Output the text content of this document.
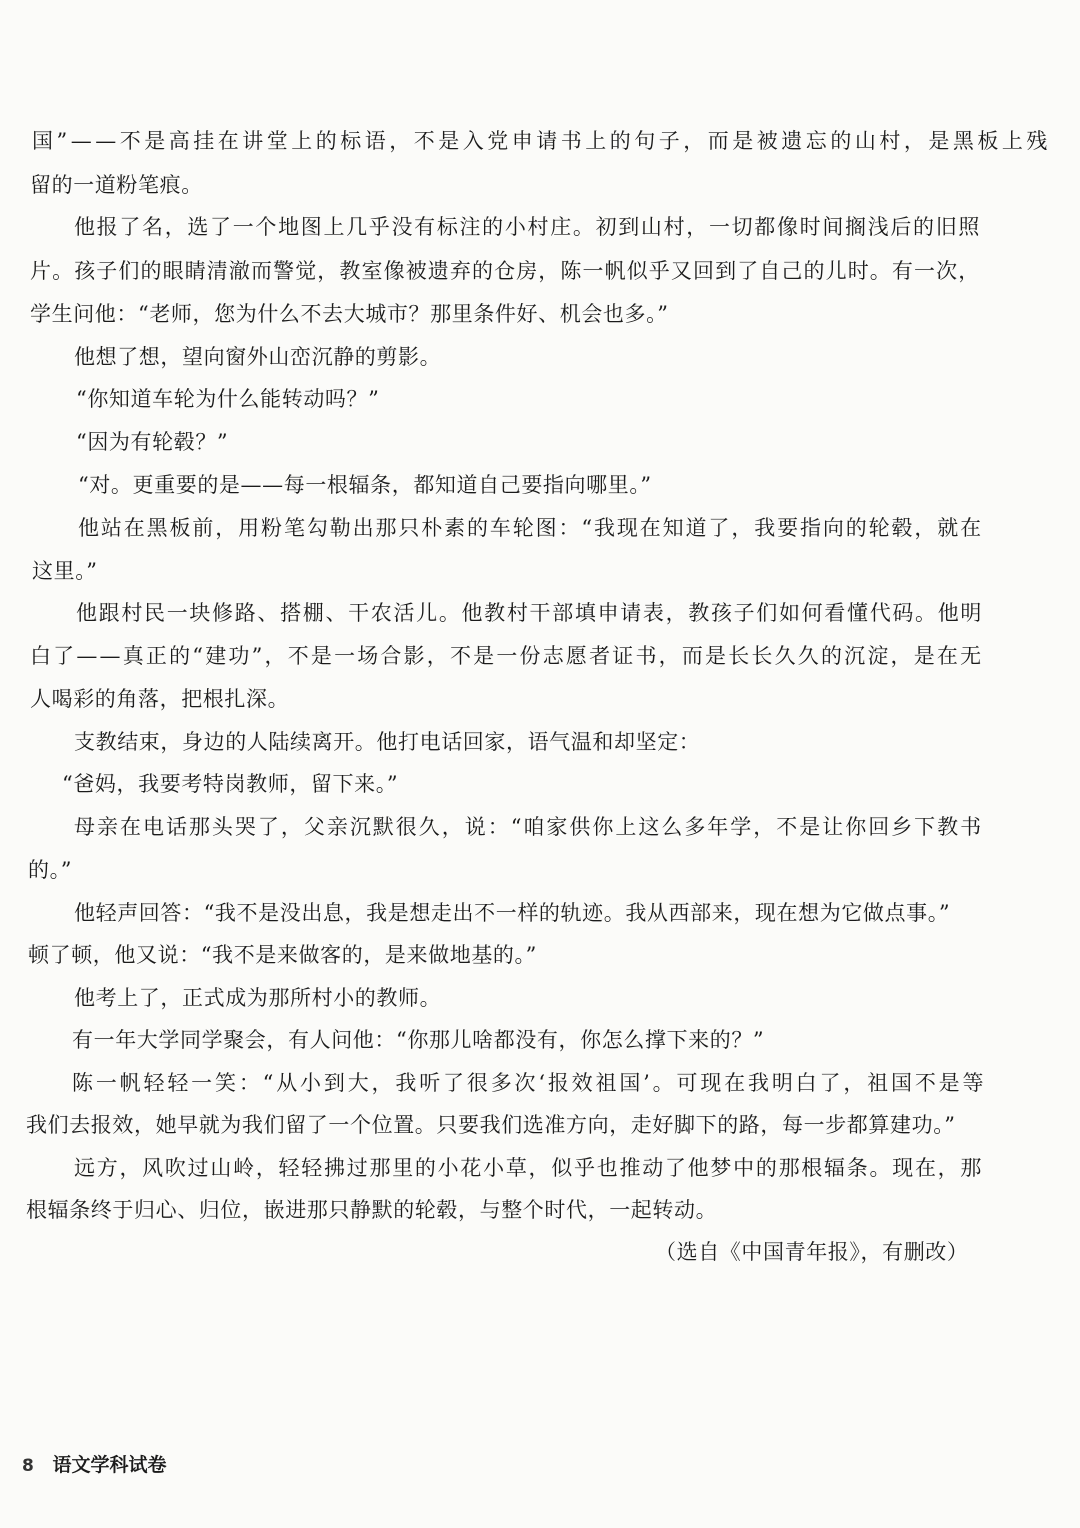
国”——不是高挂在讲堂上的标语，不是入党申请书上的句子，而是被遗忘的山村，是黑板上残
留的一道粉笔痕。
他报了名，选了一个地图上几乎没有标注的小村庄。初到山村，一切都像时间搁浅后的旧照
片。孩子们的眼睛清澈而警觉，教室像被遗弃的仓房，陈一帆似乎又回到了自己的儿时。有一次，
学生问他：“老师，您为什么不去大城市？那里条件好、机会也多。”
他想了想，望向窗外山峦沉静的剪影。
“你知道车轮为什么能转动吗？”
“因为有轮毂？”
“对。更重要的是——每一根辐条，都知道自己要指向哪里。”
他站在黑板前，用粉笔勾勒出那只朴素的车轮图：“我现在知道了，我要指向的轮毂，就在
这里。”
他跟村民一块修路、搭棚、干农活儿。他教村干部填申请表，教孩子们如何看懂代码。他明
白了——真正的“建功”，不是一场合影，不是一份志愿者证书，而是长长久久的沉淀，是在无
人喝彩的角落，把根扎深。
支教结束，身边的人陆续离开。他打电话回家，语气温和却坚定：
“爸妈，我要考特岗教师，留下来。”
母亲在电话那头哭了，父亲沉默很久，说：“咱家供你上这么多年学，不是让你回乡下教书
的。”
他轻声回答：“我不是没出息，我是想走出不一样的轨迹。我从西部来，现在想为它做点事。”
顿了顿，他又说：“我不是来做客的，是来做地基的。”
他考上了，正式成为那所村小的教师。
有一年大学同学聚会，有人问他：“你那儿啥都没有，你怎么撑下来的？”
陈一帆轻轻一笑：“从小到大，我听了很多次‘报效祖国’。可现在我明白了，祖国不是等
我们去报效，她早就为我们留了一个位置。只要我们选准方向，走好脚下的路，每一步都算建功。”
远方，风吹过山岭，轻轻拂过那里的小花小草，似乎也推动了他梦中的那根辐条。现在，那
根辐条终于归心、归位，嵌进那只静默的轮毂，与整个时代，一起转动。
（选自《中国青年报》，有删改）
8 语文学科试卷
